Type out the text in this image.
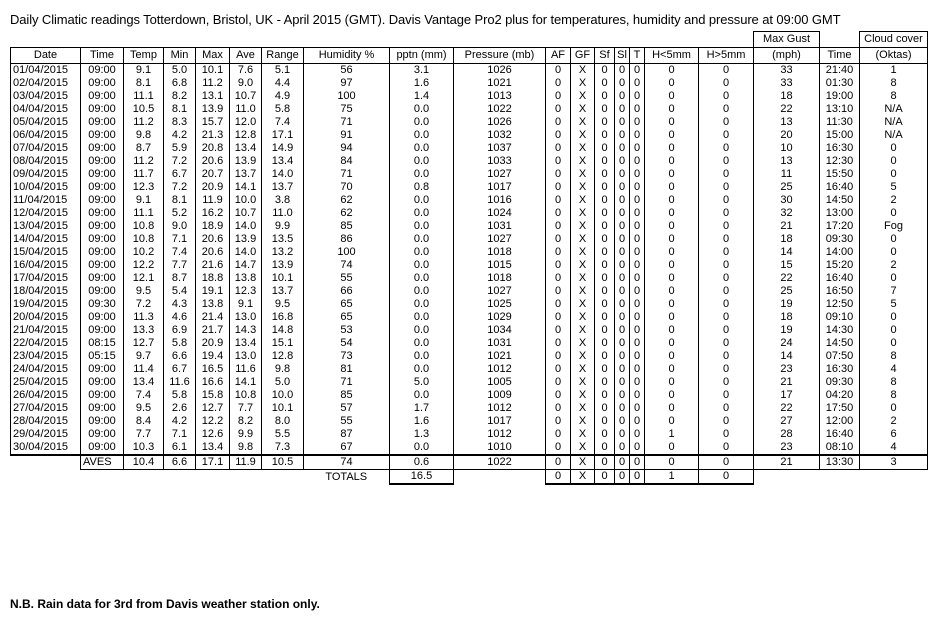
Daily Climatic readings Totterdown, Bristol, UK - April 2015 (GMT). Davis Vantage Pro2 plus for temperatures, humidity and pressure at 09:00 GMT
																	Max Gust		Cloud cover
Date	Time	Temp	Min	Max	Ave	Range	Humidity %	pptn (mm)	Pressure (mb)	AF	GF	Sf	Sl	T	H<5mm	H>5mm	(mph)	Time	(Oktas)
01/04/2015	09:00	9.1	5.0	10.1	7.6	5.1	56	3.1	1026	0	X	0	0	0	0	0	33	21:40	1
02/04/2015	09:00	8.1	6.8	11.2	9.0	4.4	97	1.6	1021	0	X	0	0	0	0	0	33	01:30	8
03/04/2015	09:00	11.1	8.2	13.1	10.7	4.9	100	1.4	1013	0	X	0	0	0	0	0	18	19:00	8
04/04/2015	09:00	10.5	8.1	13.9	11.0	5.8	75	0.0	1022	0	X	0	0	0	0	0	22	13:10	N/A
05/04/2015	09:00	11.2	8.3	15.7	12.0	7.4	71	0.0	1026	0	X	0	0	0	0	0	13	11:30	N/A
06/04/2015	09:00	9.8	4.2	21.3	12.8	17.1	91	0.0	1032	0	X	0	0	0	0	0	20	15:00	N/A
07/04/2015	09:00	8.7	5.9	20.8	13.4	14.9	94	0.0	1037	0	X	0	0	0	0	0	10	16:30	0
08/04/2015	09:00	11.2	7.2	20.6	13.9	13.4	84	0.0	1033	0	X	0	0	0	0	0	13	12:30	0
09/04/2015	09:00	11.7	6.7	20.7	13.7	14.0	71	0.0	1027	0	X	0	0	0	0	0	11	15:50	0
10/04/2015	09:00	12.3	7.2	20.9	14.1	13.7	70	0.8	1017	0	X	0	0	0	0	0	25	16:40	5
11/04/2015	09:00	9.1	8.1	11.9	10.0	3.8	62	0.0	1016	0	X	0	0	0	0	0	30	14:50	2
12/04/2015	09:00	11.1	5.2	16.2	10.7	11.0	62	0.0	1024	0	X	0	0	0	0	0	32	13:00	0
13/04/2015	09:00	10.8	9.0	18.9	14.0	9.9	85	0.0	1031	0	X	0	0	0	0	0	21	17:20	Fog
14/04/2015	09:00	10.8	7.1	20.6	13.9	13.5	86	0.0	1027	0	X	0	0	0	0	0	18	09:30	0
15/04/2015	09:00	10.2	7.4	20.6	14.0	13.2	100	0.0	1018	0	X	0	0	0	0	0	14	14:00	0
16/04/2015	09:00	12.2	7.7	21.6	14.7	13.9	74	0.0	1015	0	X	0	0	0	0	0	15	15:20	2
17/04/2015	09:00	12.1	8.7	18.8	13.8	10.1	55	0.0	1018	0	X	0	0	0	0	0	22	16:40	0
18/04/2015	09:00	9.5	5.4	19.1	12.3	13.7	66	0.0	1027	0	X	0	0	0	0	0	25	16:50	7
19/04/2015	09:30	7.2	4.3	13.8	9.1	9.5	65	0.0	1025	0	X	0	0	0	0	0	19	12:50	5
20/04/2015	09:00	11.3	4.6	21.4	13.0	16.8	65	0.0	1029	0	X	0	0	0	0	0	18	09:10	0
21/04/2015	09:00	13.3	6.9	21.7	14.3	14.8	53	0.0	1034	0	X	0	0	0	0	0	19	14:30	0
22/04/2015	08:15	12.7	5.8	20.9	13.4	15.1	54	0.0	1031	0	X	0	0	0	0	0	24	14:50	0
23/04/2015	05:15	9.7	6.6	19.4	13.0	12.8	73	0.0	1021	0	X	0	0	0	0	0	14	07:50	8
24/04/2015	09:00	11.4	6.7	16.5	11.6	9.8	81	0.0	1012	0	X	0	0	0	0	0	23	16:30	4
25/04/2015	09:00	13.4	11.6	16.6	14.1	5.0	71	5.0	1005	0	X	0	0	0	0	0	21	09:30	8
26/04/2015	09:00	7.4	5.8	15.8	10.8	10.0	85	0.0	1009	0	X	0	0	0	0	0	17	04:20	8
27/04/2015	09:00	9.5	2.6	12.7	7.7	10.1	57	1.7	1012	0	X	0	0	0	0	0	22	17:50	0
28/04/2015	09:00	8.4	4.2	12.2	8.2	8.0	55	1.6	1017	0	X	0	0	0	0	0	27	12:00	2
29/04/2015	09:00	7.7	7.1	12.6	9.9	5.5	87	1.3	1012	0	X	0	0	0	1	0	28	16:40	6
30/04/2015	09:00	10.3	6.1	13.4	9.8	7.3	67	0.0	1010	0	X	0	0	0	0	0	23	08:10	4
	AVES	10.4	6.6	17.1	11.9	10.5	74	0.6	1022	0	X	0	0	0	0	0	21	13:30	3
							TOTALS	16.5		0	X	0	0	0	1	0			
N.B. Rain data for 3rd from Davis weather station only.
